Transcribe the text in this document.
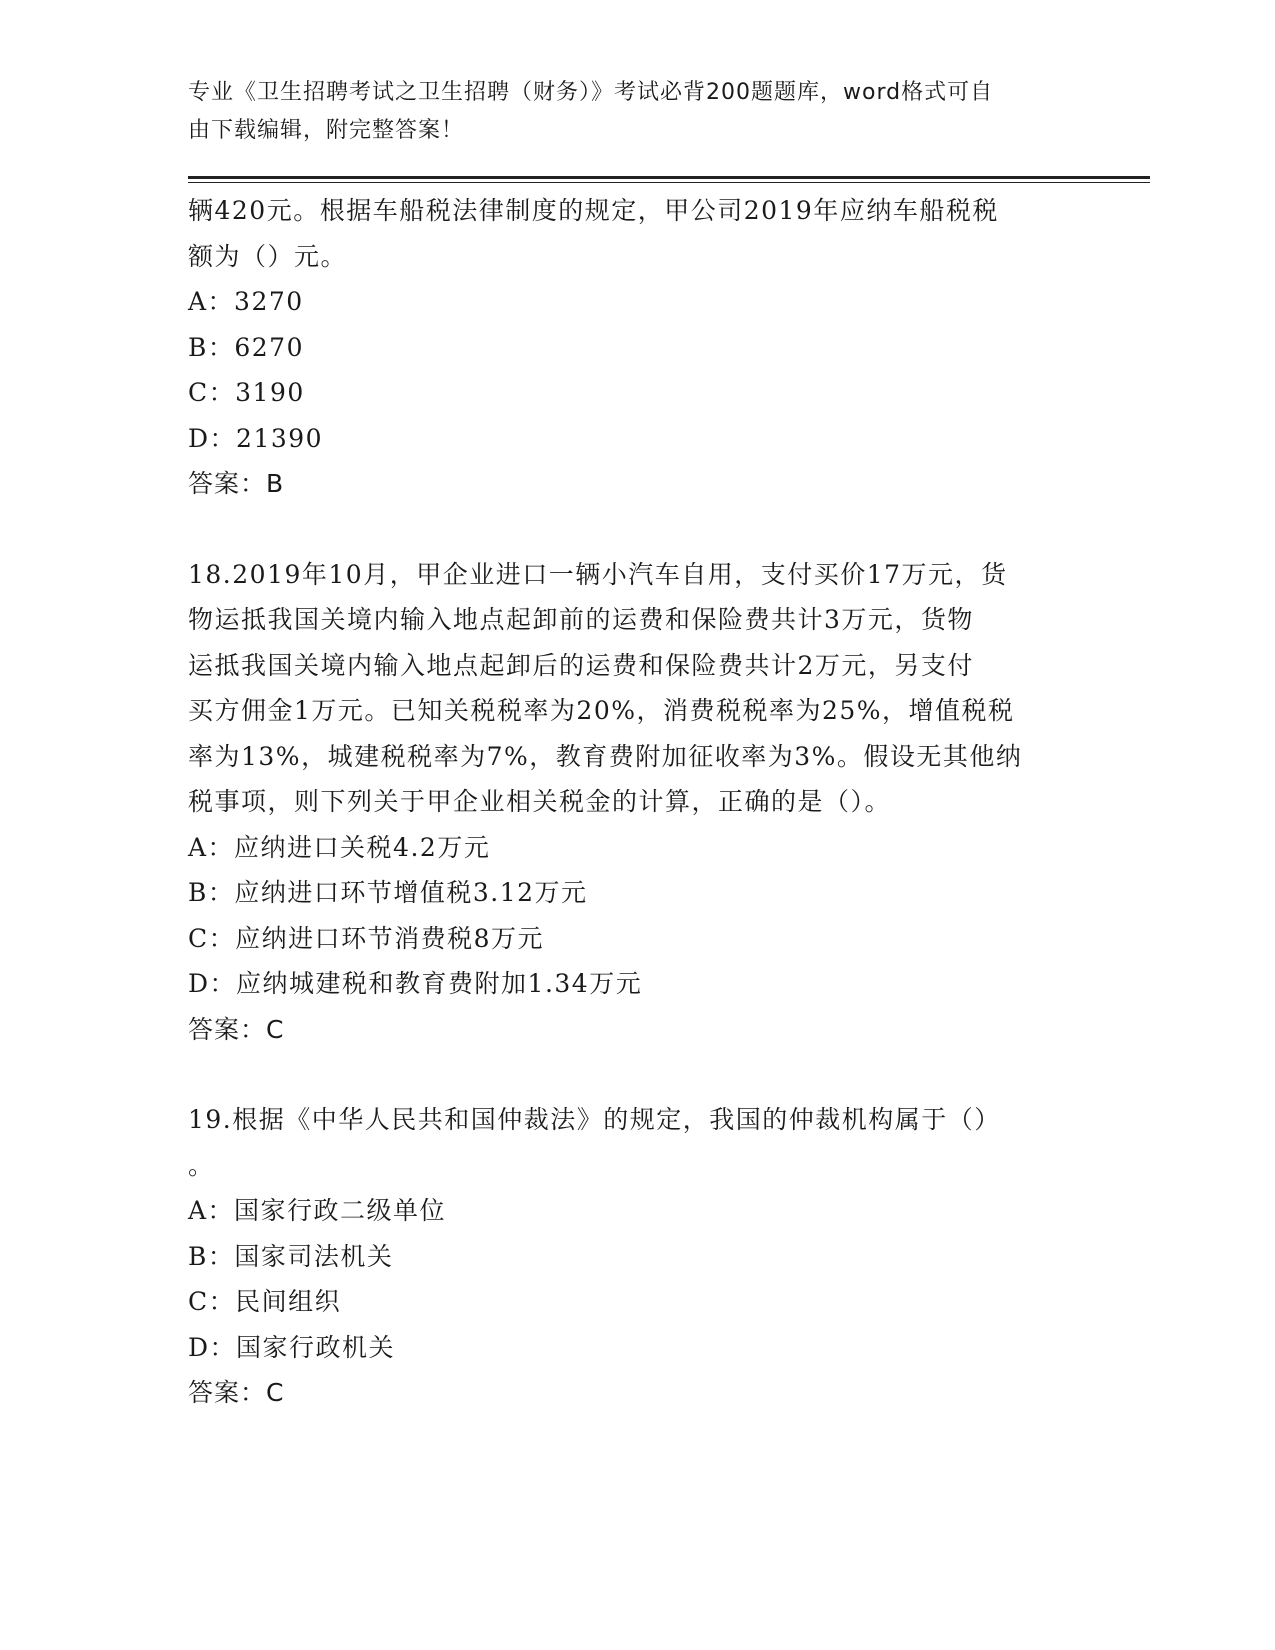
专业《卫生招聘考试之卫生招聘（财务）》考试必背200题题库，word格式可自
由下载编辑，附完整答案！
辆420元。根据车船税法律制度的规定，甲公司2019年应纳车船税税
额为（）元。
A：3270
B：6270
C：3190
D：21390
答案：B
18.2019年10月，甲企业进口一辆小汽车自用，支付买价17万元，货
物运抵我国关境内输入地点起卸前的运费和保险费共计3万元，货物
运抵我国关境内输入地点起卸后的运费和保险费共计2万元，另支付
买方佣金1万元。已知关税税率为20%，消费税税率为25%，增值税税
率为13%，城建税税率为7%，教育费附加征收率为3%。假设无其他纳
税事项，则下列关于甲企业相关税金的计算，正确的是（）。
A：应纳进口关税4.2万元
B：应纳进口环节增值税3.12万元
C：应纳进口环节消费税8万元
D：应纳城建税和教育费附加1.34万元
答案：C
19.根据《中华人民共和国仲裁法》的规定，我国的仲裁机构属于（）
。
A：国家行政二级单位
B：国家司法机关
C：民间组织
D：国家行政机关
答案：C
